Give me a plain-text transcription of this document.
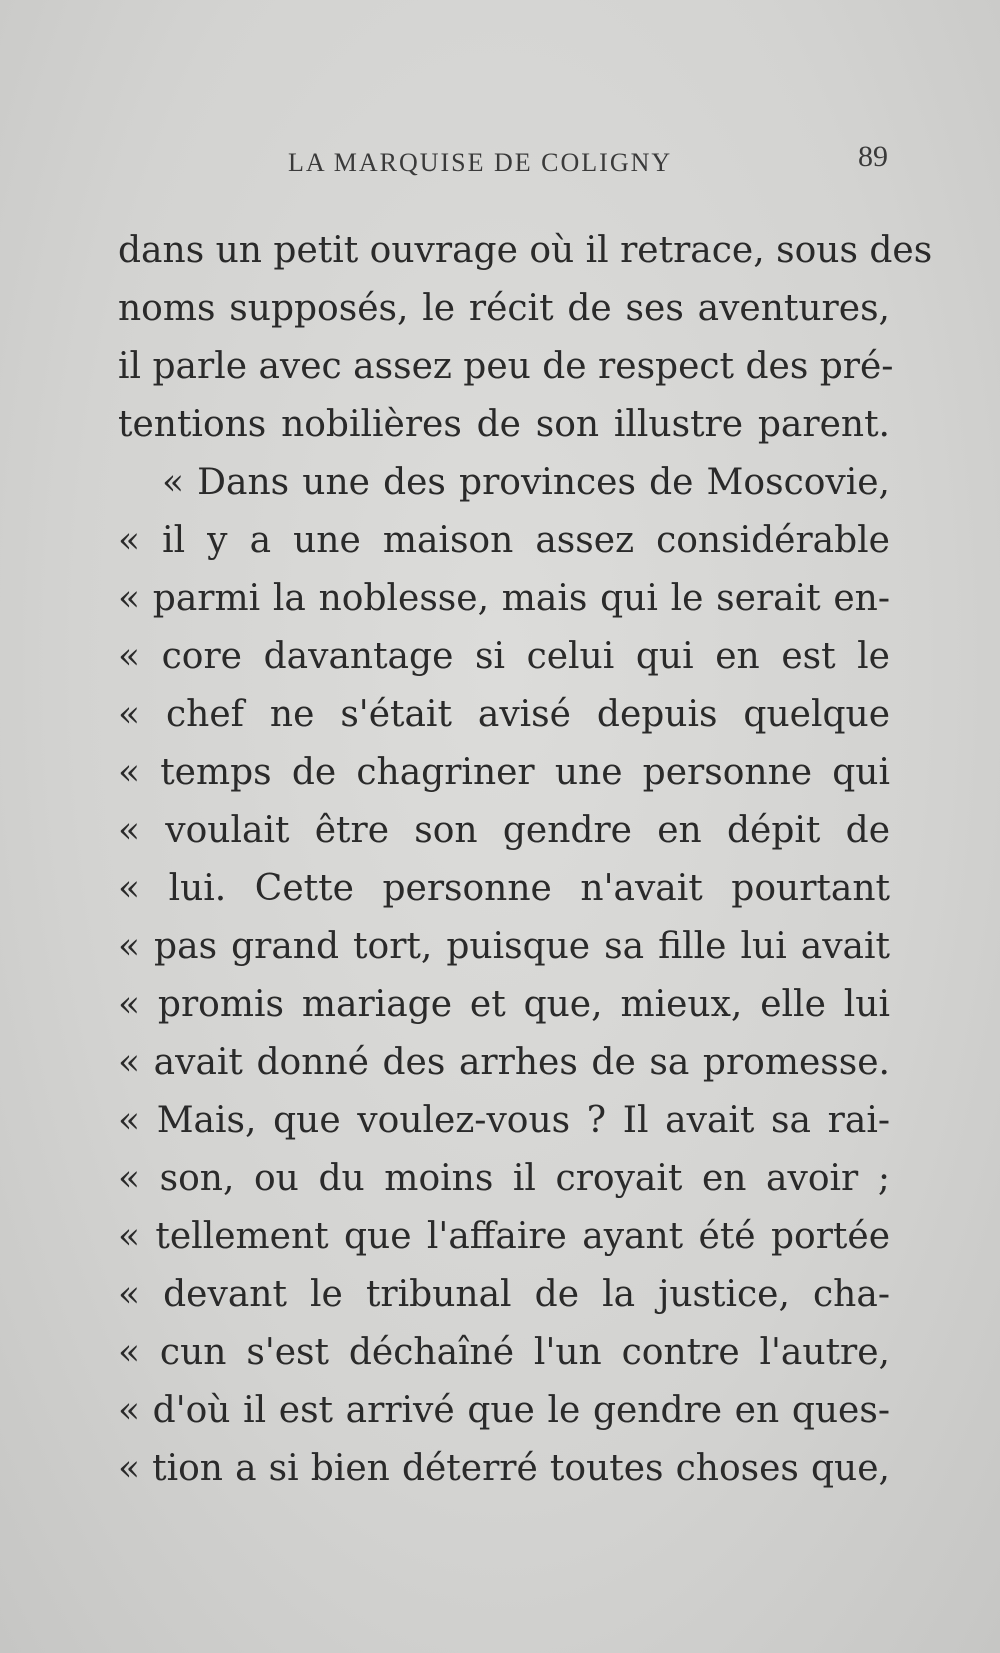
LA MARQUISE DE COLIGNY	89
dans un petit ouvrage où il retrace, sous des
noms supposés, le récit de ses aventures,
il parle avec assez peu de respect des pré-
tentions nobilières de son illustre parent.
« Dans une des provinces de Moscovie,
« il y a une maison assez considérable
« parmi la noblesse, mais qui le serait en-
« core davantage si celui qui en est le
« chef ne s'était avisé depuis quelque
« temps de chagriner une personne qui
« voulait être son gendre en dépit de
« lui. Cette personne n'avait pourtant
« pas grand tort, puisque sa fille lui avait
« promis mariage et que, mieux, elle lui
« avait donné des arrhes de sa promesse.
« Mais, que voulez-vous ? Il avait sa rai-
« son, ou du moins il croyait en avoir ;
« tellement que l'affaire ayant été portée
« devant le tribunal de la justice, cha-
« cun s'est déchaîné l'un contre l'autre,
« d'où il est arrivé que le gendre en ques-
« tion a si bien déterré toutes choses que,
